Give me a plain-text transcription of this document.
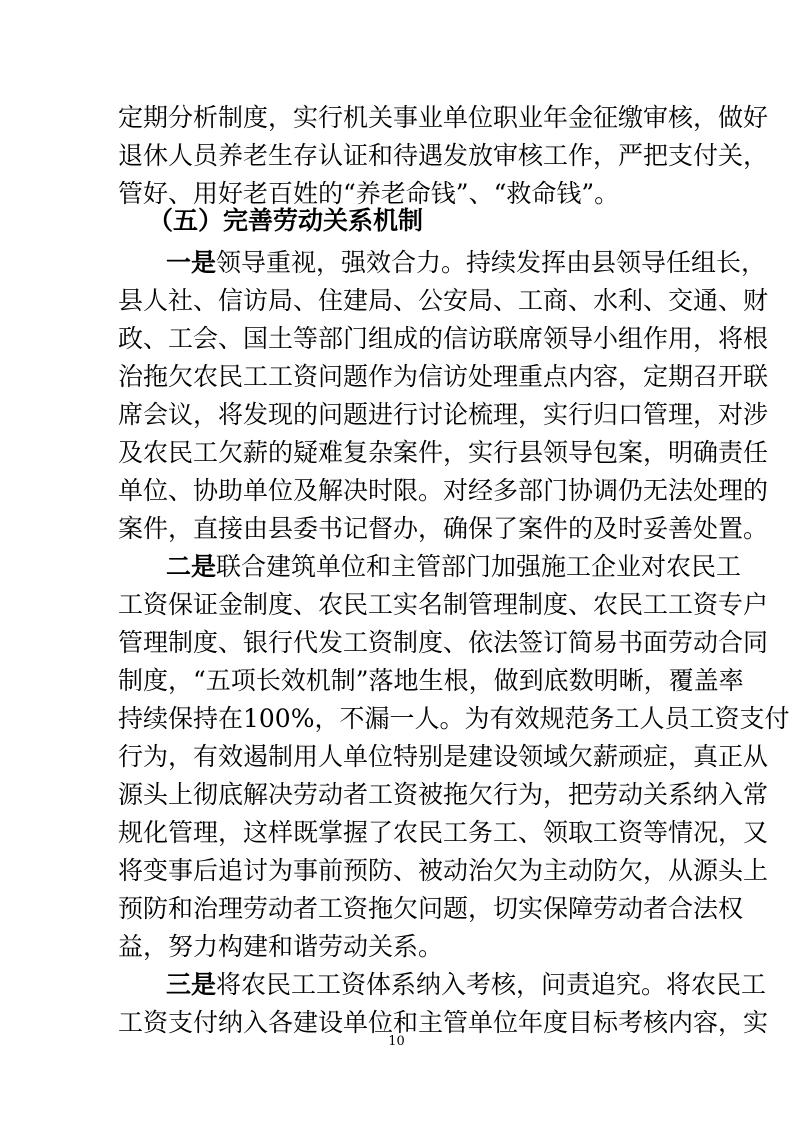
定期分析制度，实行机关事业单位职业年金征缴审核，做好
退休人员养老生存认证和待遇发放审核工作，严把支付关，
管好、用好老百姓的“养老命钱”、“救命钱”。
（五）完善劳动关系机制
一是领导重视，强效合力。持续发挥由县领导任组长，
县人社、信访局、住建局、公安局、工商、水利、交通、财
政、工会、国土等部门组成的信访联席领导小组作用，将根
治拖欠农民工工资问题作为信访处理重点内容，定期召开联
席会议，将发现的问题进行讨论梳理，实行归口管理，对涉
及农民工欠薪的疑难复杂案件，实行县领导包案，明确责任
单位、协助单位及解决时限。对经多部门协调仍无法处理的
案件，直接由县委书记督办，确保了案件的及时妥善处置。
二是联合建筑单位和主管部门加强施工企业对农民工
工资保证金制度、农民工实名制管理制度、农民工工资专户
管理制度、银行代发工资制度、依法签订简易书面劳动合同
制度，“五项长效机制”落地生根，做到底数明晰，覆盖率
持续保持在100%，不漏一人。为有效规范务工人员工资支付
行为，有效遏制用人单位特别是建设领域欠薪顽症，真正从
源头上彻底解决劳动者工资被拖欠行为，把劳动关系纳入常
规化管理，这样既掌握了农民工务工、领取工资等情况，又
将变事后追讨为事前预防、被动治欠为主动防欠，从源头上
预防和治理劳动者工资拖欠问题，切实保障劳动者合法权
益，努力构建和谐劳动关系。
三是将农民工工资体系纳入考核，问责追究。将农民工
工资支付纳入各建设单位和主管单位年度目标考核内容，实
10
